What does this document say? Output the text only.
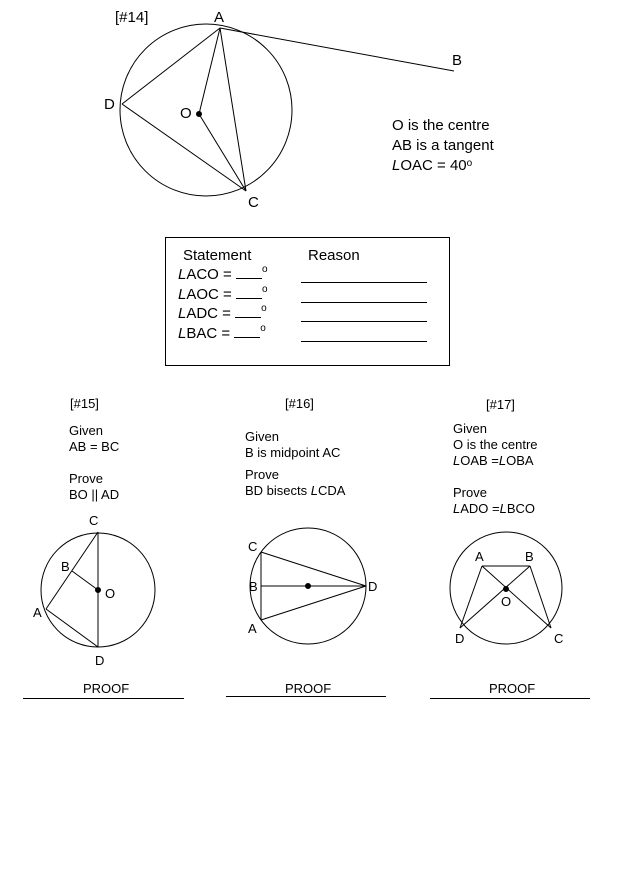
[#14]	A
B
C
D
O
O is the centre
AB is a tangent
LOAC = $40^o$
Statement	Reason
LACO =	$^o$
LAOC =	$^o$
LADC =	$^o$
LBAC =	$^o$
[#15]
Given
AB = BC
Prove
BO || AD
C
B
O
A
D
PROOF
[#16]
Given
B is midpoint AC
Prove
BD bisects LCDA
C
B
A
D
PROOF
[#17]
Given
O is the centre
LOAB =LOBA
Prove
LADO =LBCO
A	B
O
D	C
PROOF
